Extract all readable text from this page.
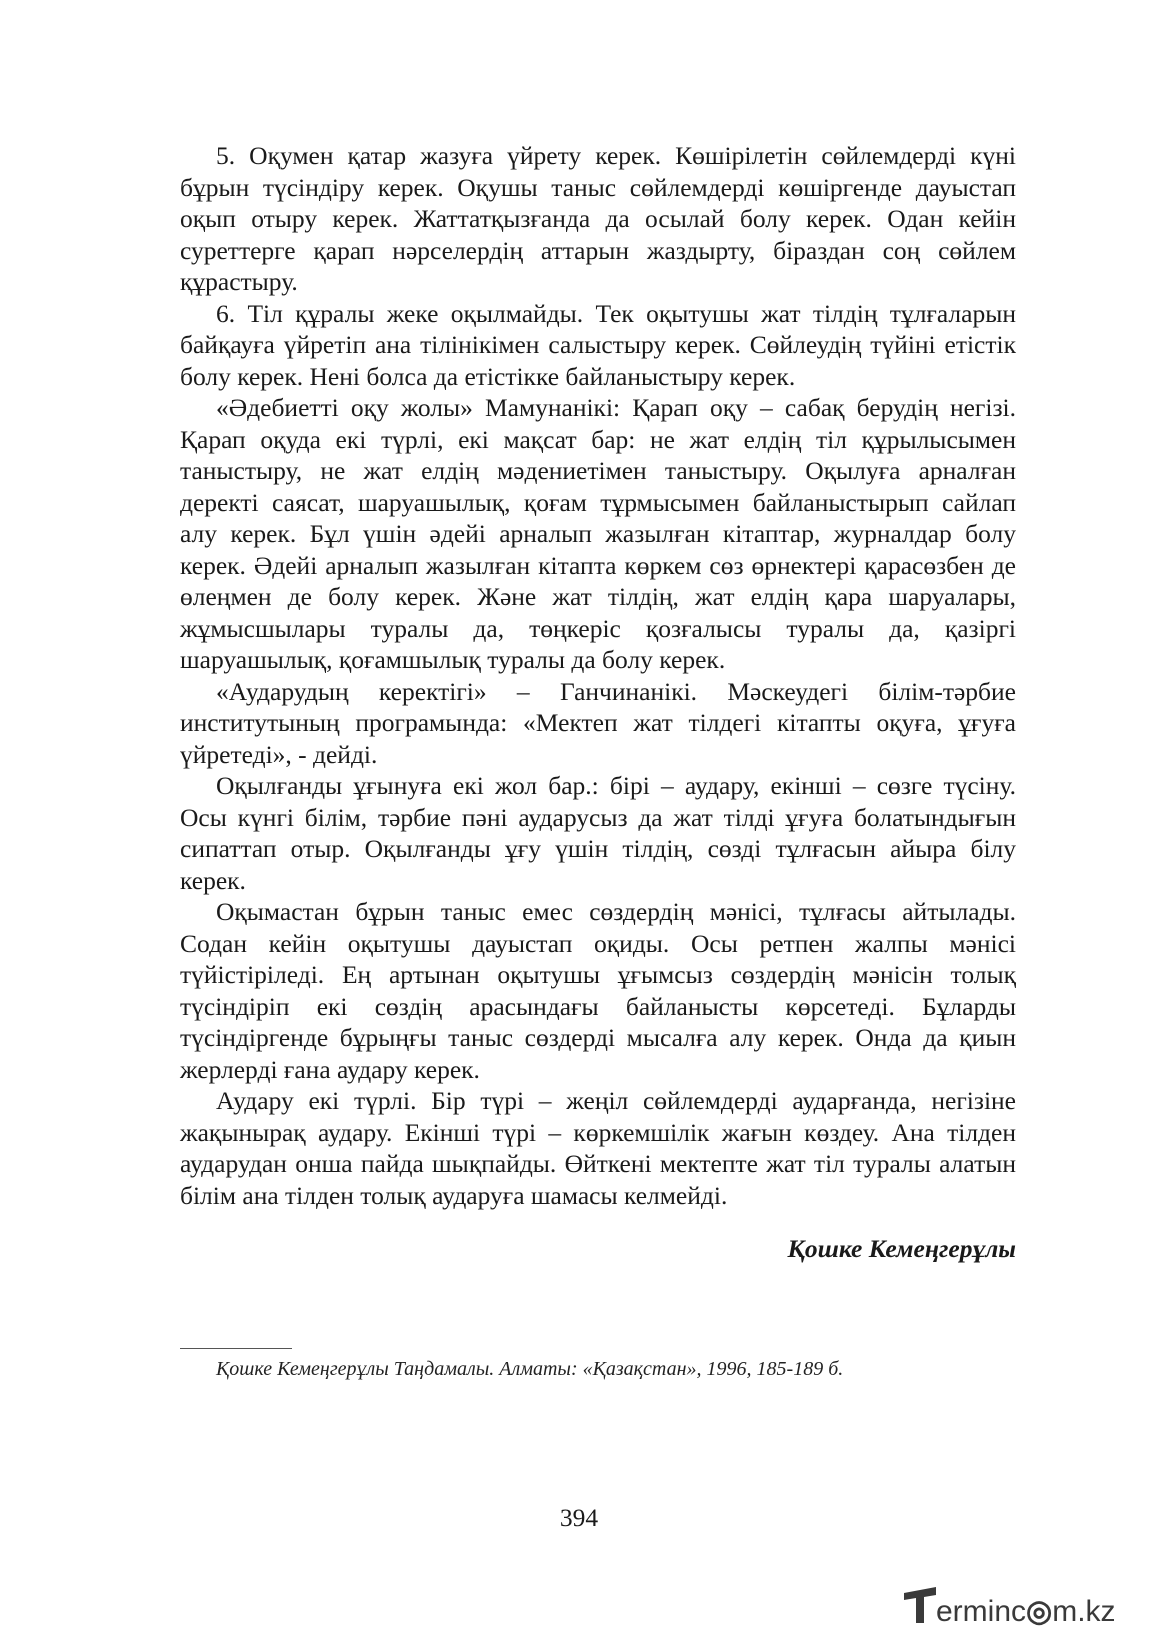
5. Оқумен қатар жазуға үйрету керек. Көшірілетін сөйлемдерді күні бұрын түсіндіру керек. Оқушы таныс сөйлемдерді көшіргенде дауыстап оқып отыру керек. Жаттатқызғанда да осылай болу керек. Одан кейін суреттерге қарап нәрселердің аттарын жаздырту, біраздан соң сөйлем құрастыру.

6. Тіл құралы жеке оқылмайды. Тек оқытушы жат тілдің тұлғаларын байқауға үйретіп ана тілінікімен салыстыру керек. Сөйлеудің түйіні етістік болу керек. Нені болса да етістікке байланыстыру керек.

«Әдебиетті оқу жолы» Мамунанікі: Қарап оқу – сабақ берудің негізі. Қарап оқуда екі түрлі, екі мақсат бар: не жат елдің тіл құрылысымен таныстыру, не жат елдің мәдениетімен таныстыру. Оқылуға арналған деректі саясат, шаруашылық, қоғам тұрмысымен байланыстырып сайлап алу керек. Бұл үшін әдейі арналып жазылған кітаптар, журналдар болу керек. Әдейі арналып жазылған кітапта көркем сөз өрнектері қарасөзбен де өлеңмен де болу керек. Және жат тілдің, жат елдің қара шаруалары, жұмысшылары туралы да, төңкеріс қозғалысы туралы да, қазіргі шаруашылық, қоғамшылық туралы да болу керек.

«Аударудың керектігі» – Ганчинанікі. Мәскеудегі білім-тәрбие институтының програмында: «Мектеп жат тілдегі кітапты оқуға, ұғуға үйретеді», - дейді.

Оқылғанды ұғынуға екі жол бар.: бірі – аудару, екінші – сөзге түсіну. Осы күнгі білім, тәрбие пәні аударусыз да жат тілді ұғуға болатындығын сипаттап отыр. Оқылғанды ұғу үшін тілдің, сөзді тұлғасын айыра білу керек.

Оқымастан бұрын таныс емес сөздердің мәнісі, тұлғасы айтылады. Содан кейін оқытушы дауыстап оқиды. Осы ретпен жалпы мәнісі түйістіріледі. Ең артынан оқытушы ұғымсыз сөздердің мәнісін толық түсіндіріп екі сөздің арасындағы байланысты көрсетеді. Бұларды түсіндіргенде бұрыңғы таныс сөздерді мысалға алу керек. Онда да қиын жерлерді ғана аудару керек.

Аудару екі түрлі. Бір түрі – жеңіл сөйлемдерді аударғанда, негізіне жақынырақ аудару. Екінші түрі – көркемшілік жағын көздеу. Ана тілден аударудан онша пайда шықпайды. Өйткені мектепте жат тіл туралы алатын білім ана тілден толық аударуға шамасы келмейді.

Қошке Кемеңгерұлы

Қошке Кемеңгерұлы Таңдамалы. Алматы: «Қазақстан», 1996, 185-189 б.
394
ermіnc◎m.kz
